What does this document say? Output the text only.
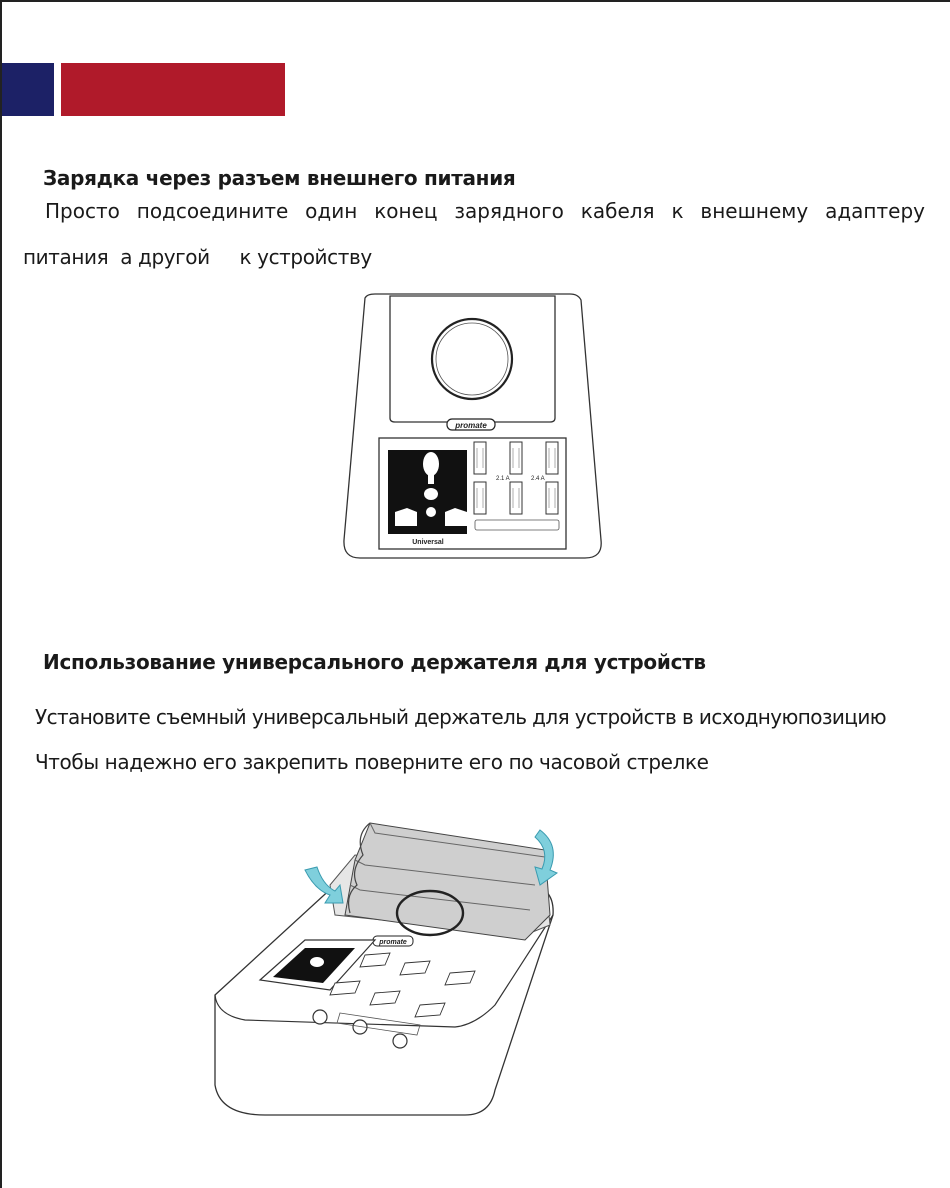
Зарядка через разъем внешнего питания

Просто подсоедините один конец зарядного кабеля к внешнему адаптеру

питания  а другой     к устройству

promate
Universal
2.1 A	2.4 A
Использование универсального держателя для устройств

Установите съемный универсальный держатель для устройств в исходнуюпозицию

Чтобы надежно его закрепить поверните его по часовой стрелке

promate
